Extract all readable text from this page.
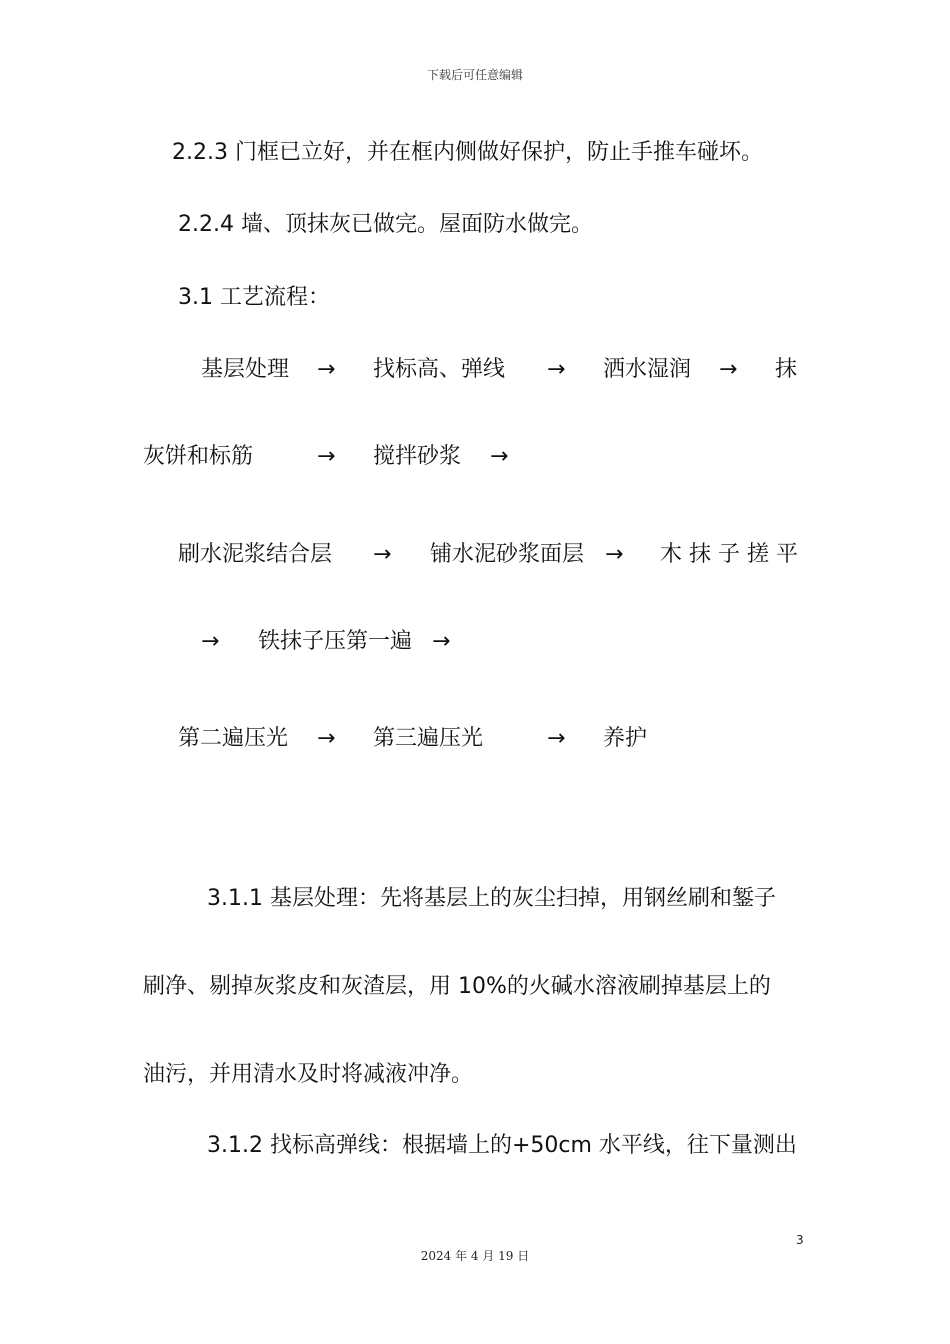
下载后可任意编辑
2.2.3 门框已立好，并在框内侧做好保护，防止手推车碰坏。
2.2.4 墙、顶抹灰已做完。屋面防水做完。
3.1 工艺流程：
基层处理 → 找标高、弹线 → 洒水湿润 → 抹
灰饼和标筋	→ 搅拌砂浆 →
刷水泥浆结合层 → 铺水泥砂浆面层 → 木 抹 子 搓 平
→ 铁抹子压第一遍 →
第二遍压光 → 第三遍压光	→ 养护
3.1.1 基层处理：先将基层上的灰尘扫掉，用钢丝刷和錾子
刷净、剔掉灰浆皮和灰渣层，用 10%的火碱水溶液刷掉基层上的
油污，并用清水及时将减液冲净。
3.1.2 找标高弹线：根据墙上的+50cm 水平线，往下量测出
3
2024 年 4 月 19 日
